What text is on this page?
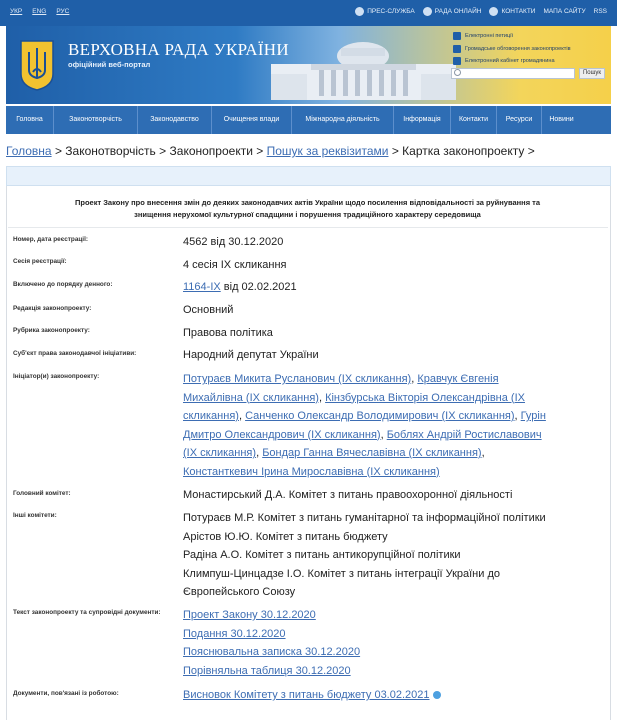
УКР ENG РУС	ПРЕС-СЛУЖБА	РАДА ОНЛАЙН	КОНТАКТИ МАПА САЙТУ RSS
ВЕРХОВНА РАДА УКРАЇНИ
офіційний веб-портал
Електронні петиції
Громадське обговорення законопроектів
Електронний кабінет громадянина
Пошук
Головна	Законотворчість	Законодавство	Очищення влади	Міжнародна діяльність	Інформація	Контакти	Ресурси	Новини
Головна > Законотворчість > Законопроекти > Пошук за реквізитами > Картка законопроекту >
Проект Закону про внесення змін до деяких законодавчих актів України щодо посилення відповідальності за руйнування та
знищення нерухомої культурної спадщини і порушення традиційного характеру середовища
Номер, дата реєстрації:	4562 від 30.12.2020
Сесія реєстрації:	4 сесія IX скликання
Включено до порядку денного:	1164-IX від 02.02.2021
Редакція законопроекту:	Основний
Рубрика законопроекту:	Правова політика
Суб'єкт права законодавчої ініціативи:	Народний депутат України
Ініціатор(и) законопроекту:	Потураєв Микита Русланович (IX скликання), Кравчук Євгенія
Михайлівна (IX скликання), Кінзбурська Вікторія Олександрівна (IX
скликання), Санченко Олександр Володимирович (IX скликання), Гурін
Дмитро Олександрович (IX скликання), Боблях Андрій Ростиславович
(IX скликання), Бондар Ганна Вячеславівна (IX скликання),
Константкевич Ірина Мирославівна (IX скликання)
Головний комітет:	Монастирський Д.А. Комітет з питань правоохоронної діяльності
Інші комітети:	Потураєв М.Р. Комітет з питань гуманітарної та інформаційної політики
Арістов Ю.Ю. Комітет з питань бюджету
Радіна А.О. Комітет з питань антикорупційної політики
Климпуш-Цинцадзе І.О. Комітет з питань інтеграції України до
Європейського Союзу
Текст законопроекту та супровідні документи: Проект Закону 30.12.2020
Подання 30.12.2020
Пояснювальна записка 30.12.2020
Порівняльна таблиця 30.12.2020
Документи, пов'язані із роботою:	Висновок Комітету з питань бюджету 03.02.2021
